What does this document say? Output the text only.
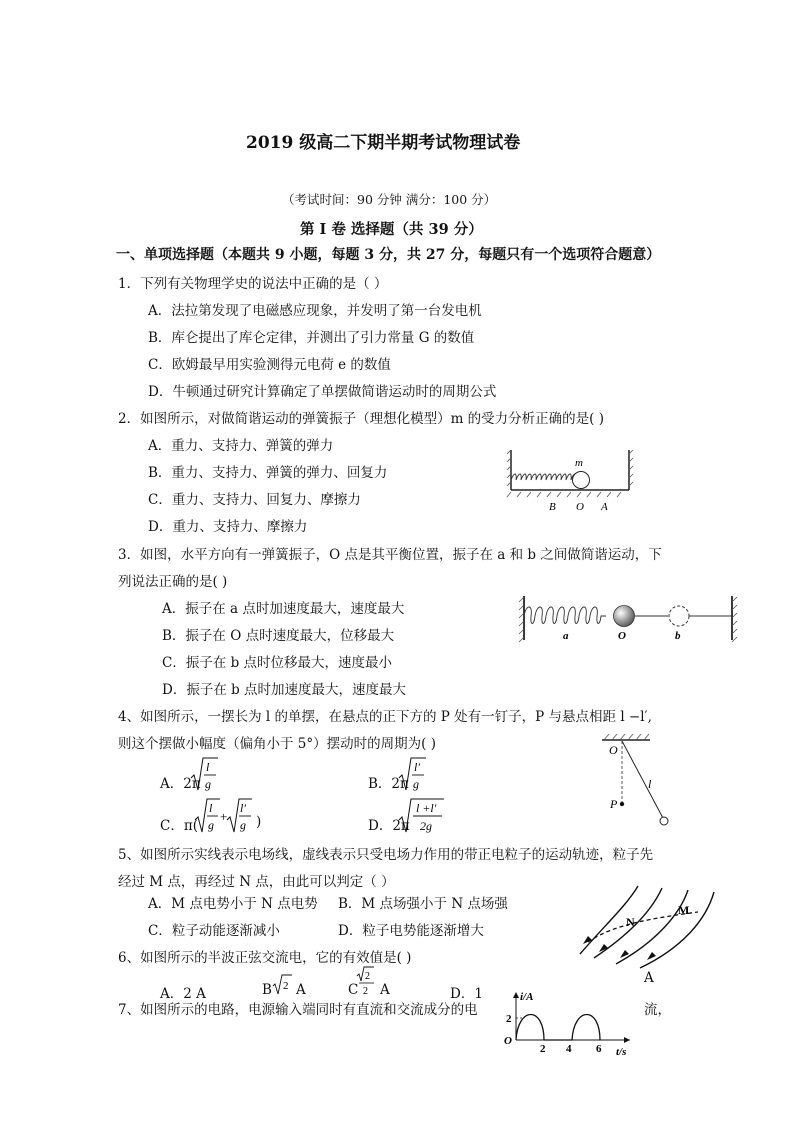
2019 级高二下期半期考试物理试卷
（考试时间：90 分钟 满分：100 分）
第 I 卷 选择题（共 39 分）
一、单项选择题（本题共 9 小题，每题 3 分，共 27 分，每题只有一个选项符合题意）
1．下列有关物理学史的说法中正确的是（ ）
A．法拉第发现了电磁感应现象，并发明了第一台发电机
B．库仑提出了库仑定律，并测出了引力常量 G 的数值
C．欧姆最早用实验测得元电荷 e 的数值
D．牛顿通过研究计算确定了单摆做简谐运动时的周期公式
2．如图所示，对做简谐运动的弹簧振子（理想化模型）m 的受力分析正确的是( )
A．重力、支持力、弹簧的弹力
B．重力、支持力、弹簧的弹力、回复力
C．重力、支持力、回复力、摩擦力
D．重力、支持力、摩擦力
m
B O A
3．如图，水平方向有一弹簧振子，O 点是其平衡位置，振子在 a 和 b 之间做简谐运动，下
列说法正确的是( )
A．振子在 a 点时加速度最大，速度最大
B．振子在 O 点时速度最大，位移最大
C．振子在 b 点时位移最大，速度最小
D．振子在 b 点时加速度最大，速度最大
a	O	b
4、如图所示，一摆长为 l 的单摆，在悬点的正下方的 P 处有一钉子，P 与悬点相距 l −l′,
则这个摆做小幅度（偏角小于 5°）摆动时的周期为( )
A．2π
l
g	B．2π
l′
g
C．π(
l
g
+
l′
g )	D．2π
l +l′
2g
O
P
l
5、如图所示实线表示电场线，虚线表示只受电场力作用的带正电粒子的运动轨迹，粒子先
经过 M 点，再经过 N 点，由此可以判定（ ）
A．M 点电势小于 N 点电势 B．M 点场强小于 N 点场强
C．粒子动能逐渐减小	D．粒子电势能逐渐增大
N
M
6、如图所示的半波正弦交流电，它的有效值是( )
A
A．2 A	B 2 A	C
2
2 A	D．1	i/A
t/s
O
2
2 4 6
7、如图所示的电路，电源输入端同时有直流和交流成分的电	流，
